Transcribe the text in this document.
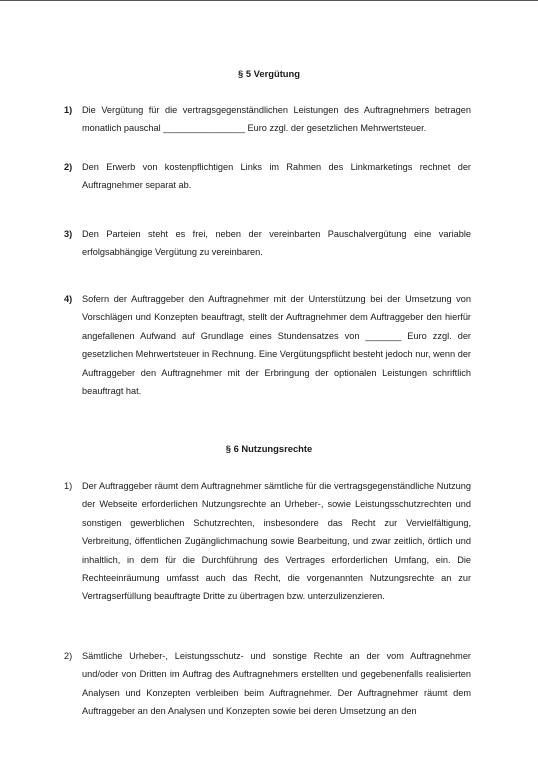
§ 5 Vergütung
1) Die Vergütung für die vertragsgegenständlichen Leistungen des Auftragnehmers betragen monatlich pauschal ________________ Euro zzgl. der gesetzlichen Mehrwertsteuer.
2) Den Erwerb von kostenpflichtigen Links im Rahmen des Linkmarketings rechnet der Auftragnehmer separat ab.
3) Den Parteien steht es frei, neben der vereinbarten Pauschalvergütung eine variable erfolgsabhängige Vergütung zu vereinbaren.
4) Sofern der Auftraggeber den Auftragnehmer mit der Unterstützung bei der Umsetzung von Vorschlägen und Konzepten beauftragt, stellt der Auftragnehmer dem Auftraggeber den hierfür angefallenen Aufwand auf Grundlage eines Stundensatzes von _______ Euro zzgl. der gesetzlichen Mehrwertsteuer in Rechnung. Eine Vergütungspflicht besteht jedoch nur, wenn der Auftraggeber den Auftragnehmer mit der Erbringung der optionalen Leistungen schriftlich beauftragt hat.
§ 6 Nutzungsrechte
1) Der Auftraggeber räumt dem Auftragnehmer sämtliche für die vertragsgegenständliche Nutzung der Webseite erforderlichen Nutzungsrechte an Urheber-, sowie Leistungsschutzrechten und sonstigen gewerblichen Schutzrechten, insbesondere das Recht zur Vervielfältigung, Verbreitung, öffentlichen Zugänglichmachung sowie Bearbeitung, und zwar zeitlich, örtlich und inhaltlich, in dem für die Durchführung des Vertrages erforderlichen Umfang, ein. Die Rechteeinräumung umfasst auch das Recht, die vorgenannten Nutzungsrechte an zur Vertragserfüllung beauftragte Dritte zu übertragen bzw. unterzulizenzieren.
2) Sämtliche Urheber-, Leistungsschutz- und sonstige Rechte an der vom Auftragnehmer und/oder von Dritten im Auftrag des Auftragnehmers erstellten und gegebenenfalls realisierten Analysen und Konzepten verbleiben beim Auftragnehmer. Der Auftragnehmer räumt dem Auftraggeber an den Analysen und Konzepten sowie bei deren Umsetzung an den
